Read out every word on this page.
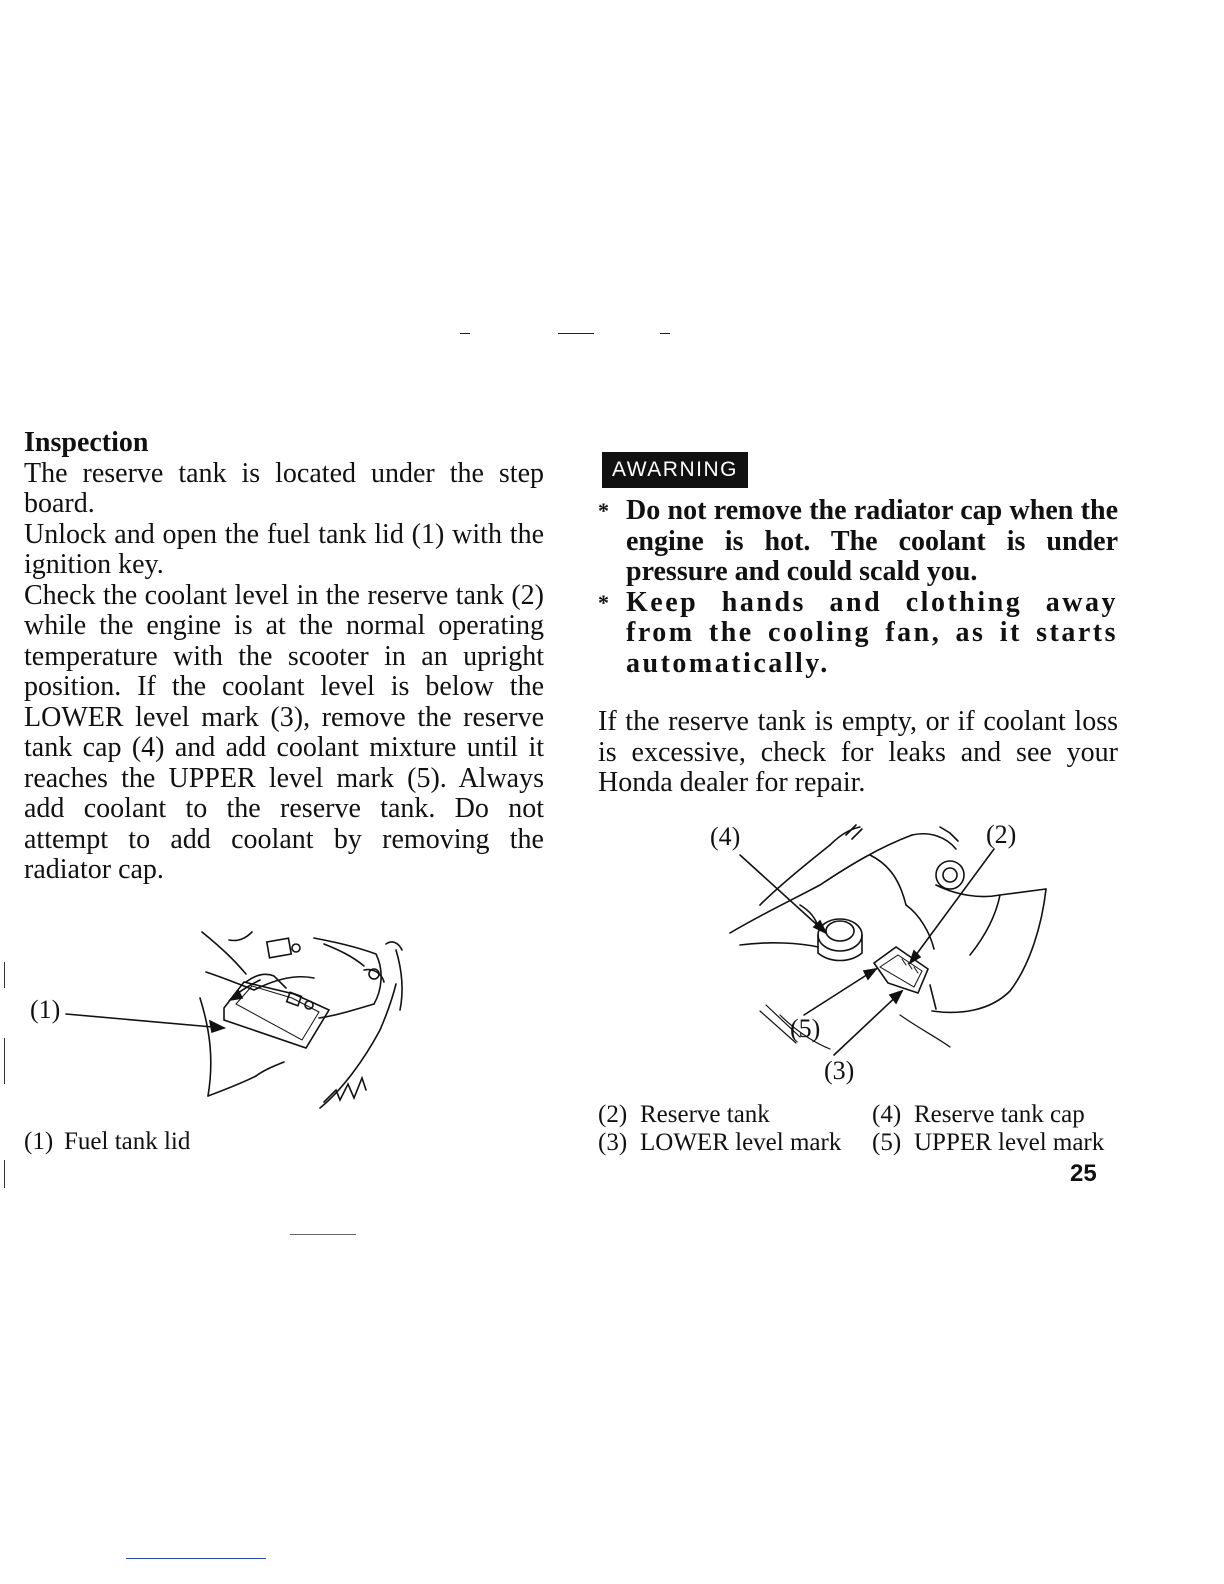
Inspection

The reserve tank is located under the step board.

Unlock and open the fuel tank lid (1) with the ignition key.

Check the coolant level in the reserve tank (2) while the engine is at the normal operating temperature with the scooter in an upright position. If the coolant level is below the LOWER level mark (3), remove the reserve tank cap (4) and add coolant mixture until it reaches the UPPER level mark (5). Always add coolant to the reserve tank. Do not attempt to add coolant by removing the radiator cap.

(1)
(1) Fuel tank lid
AWARNING
* Do not remove the radiator cap when the engine is hot. The coolant is under pressure and could scald you.
* Keep hands and clothing away from the cooling fan, as it starts automatically.

If the reserve tank is empty, or if coolant loss is excessive, check for leaks and see your Honda dealer for repair.

(4)	(2)
(5)
(3)
(2) Reserve tank	(4) Reserve tank cap
(3) LOWER level mark (5) UPPER level mark
25
